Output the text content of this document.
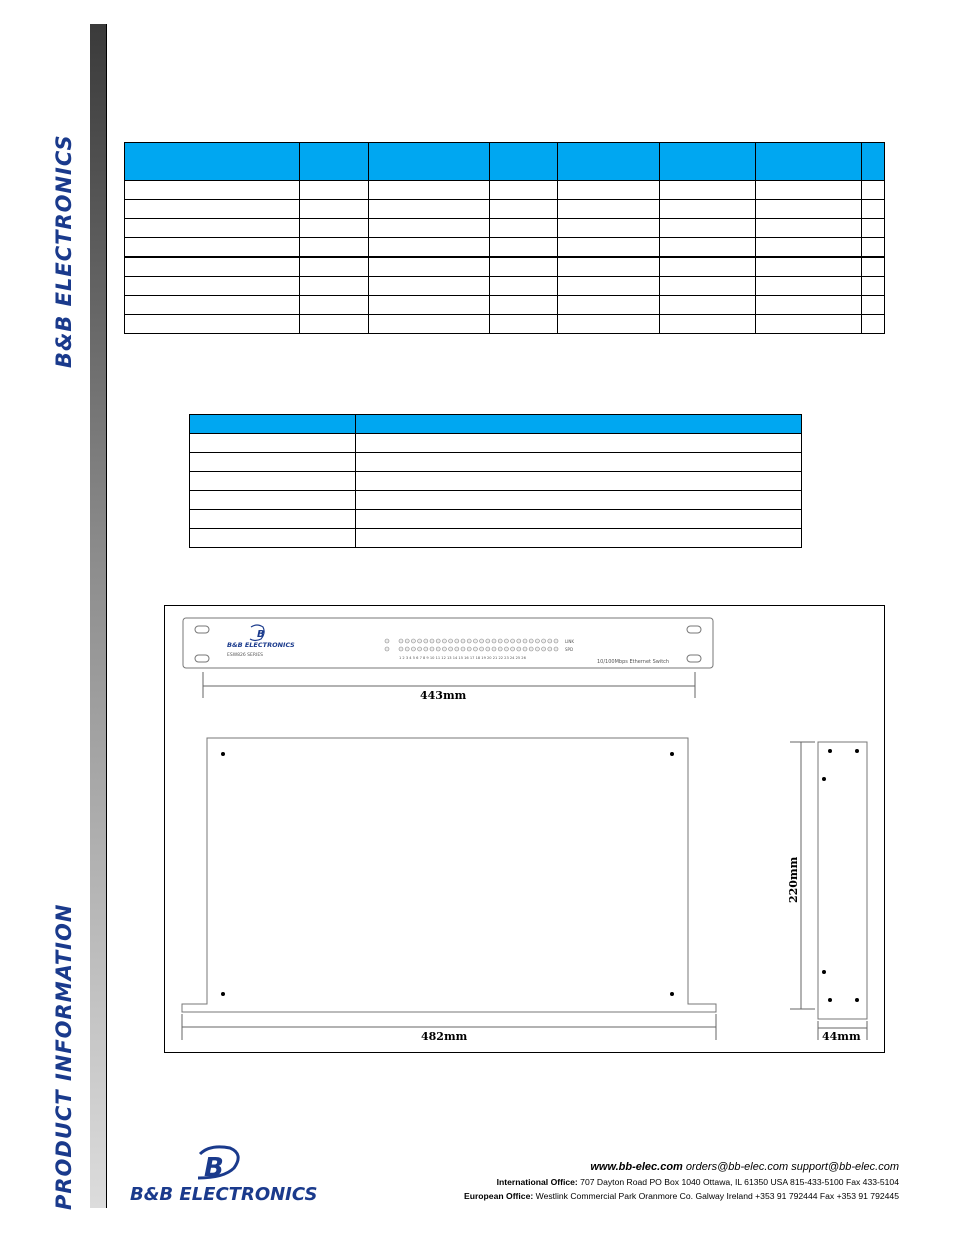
B&B ELECTRONICS
PRODUCT INFORMATION

B
B&B ELECTRONICS
ESW826 SERIES
LINK
SPD
1 2 3 4 5 6 7 8 9 10 11 12 13 14 15 16 17 18 19 20 21 22 23 24 25 26
10/100Mbps Ethernet Switch
443mm
482mm
220mm
44mm
B
B&B ELECTRONICS
www.bb-elec.com orders@bb-elec.com support@bb-elec.com
International Office: 707 Dayton Road PO Box 1040 Ottawa, IL 61350 USA 815-433-5100 Fax 433-5104
European Office: Westlink Commercial Park Oranmore Co. Galway Ireland +353 91 792444 Fax +353 91 792445
